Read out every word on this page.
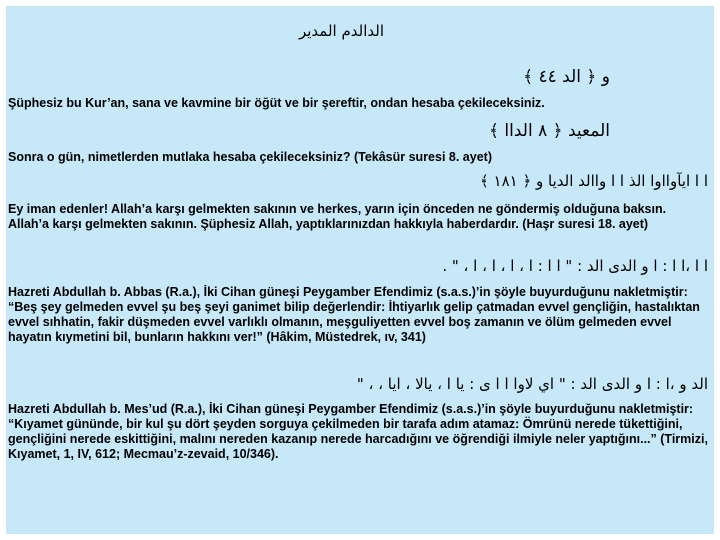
الدالدم المدير
و ﴿ الد ٤٤ ﴾
Şüphesiz bu Kur’an, sana ve kavmine bir öğüt ve bir şereftir, ondan hesaba çekileceksiniz.
المعيد ﴿ ٨ الداا ﴾
Sonra o gün, nimetlerden mutlaka hesaba çekileceksiniz? (Tekâsür suresi 8. ayet)
ا ا ايآوااوا الذ ا ا واالد الديا و ﴿ ١٨١ ﴾
Ey iman edenler! Allah’a karşı gelmekten sakının ve herkes, yarın için önceden ne göndermiş olduğuna baksın. Allah’a karşı gelmekten sakının. Şüphesiz Allah, yaptıklarınızdan hakkıyla haberdardır. (Haşr suresi 18. ayet)
ا ا ،ا ا : ا و الدى الد : " ا ا : ا ، ا ، ا ، ا ، " .
Hazreti Abdullah b. Abbas (R.a.), İki Cihan güneşi Peygamber Efendimiz (s.a.s.)’in şöyle buyurduğunu nakletmiştir: “Beş şey gelmeden evvel şu beş şeyi ganimet bilip değerlendir: İhtiyarlık gelip çatmadan evvel gençliğin, hastalıktan evvel sıhhatin, fakir düşmeden evvel varlıklı olmanın, meşguliyetten evvel boş zamanın ve ölüm gelmeden evvel hayatın kıymetini bil, bunların hakkını ver!” (Hâkim, Müstedrek, ıv, 341)
الد و ،ا : ا و الدى الد : " اي لاوا ا ا ى : يا ا ، يالا ، ايا ، ، "
Hazreti Abdullah b. Mes’ud (R.a.), İki Cihan güneşi Peygamber Efendimiz (s.a.s.)’in şöyle buyurduğunu nakletmiştir: “Kıyamet gününde, bir kul şu dört şeyden sorguya çekilmeden bir tarafa adım atamaz: Ömrünü nerede tükettiğini, gençliğini nerede eskittiğini, malını nereden kazanıp nerede harcadığını ve öğrendiği ilmiyle neler yaptığını...” (Tirmizi, Kıyamet, 1, IV, 612; Mecmau’z-zevaid, 10/346).
